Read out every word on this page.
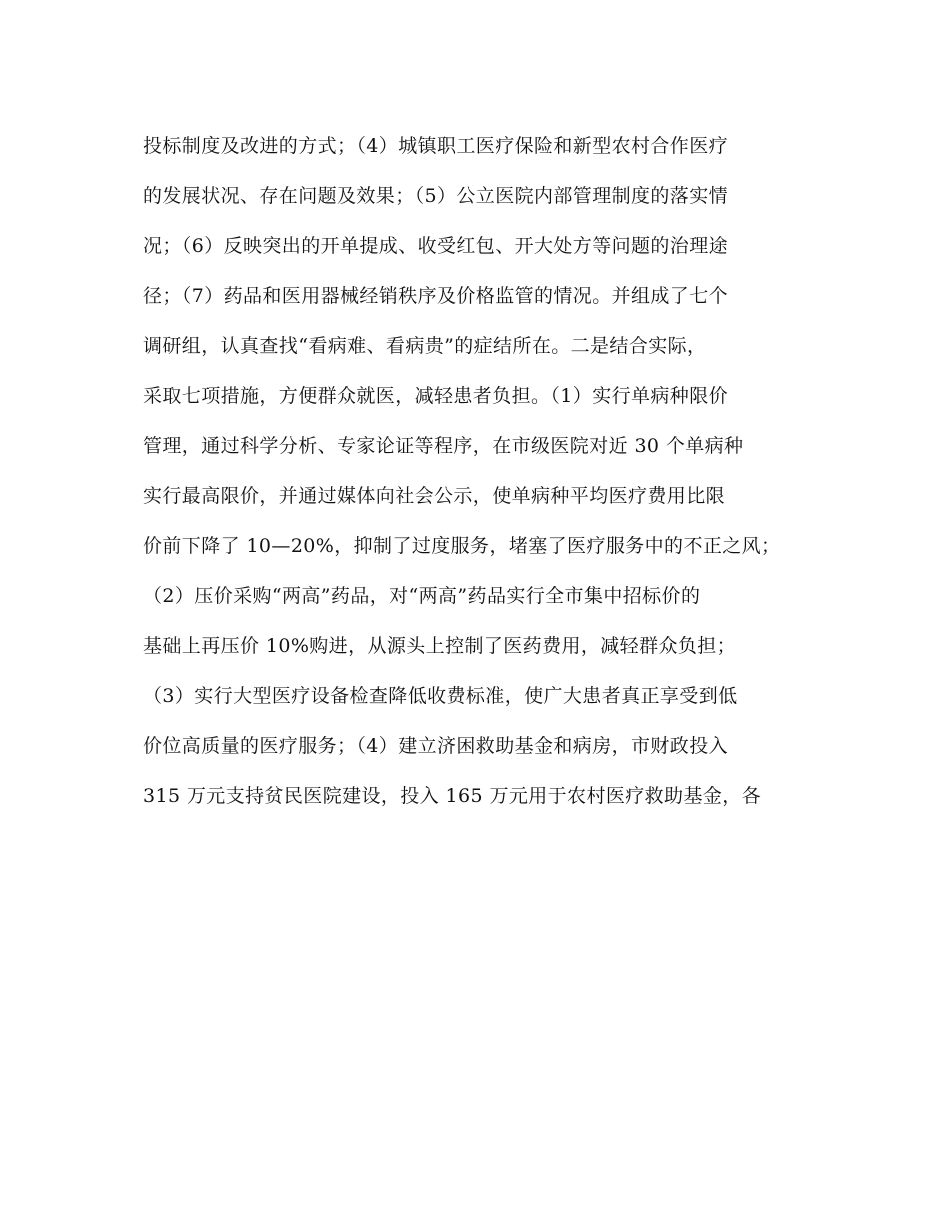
投标制度及改进的方式；（4）城镇职工医疗保险和新型农村合作医疗
的发展状况、存在问题及效果；（5）公立医院内部管理制度的落实情
况；（6）反映突出的开单提成、收受红包、开大处方等问题的治理途
径；（7）药品和医用器械经销秩序及价格监管的情况。并组成了七个
调研组，认真查找“看病难、看病贵”的症结所在。二是结合实际，
采取七项措施，方便群众就医，减轻患者负担。（1）实行单病种限价
管理，通过科学分析、专家论证等程序，在市级医院对近 30 个单病种
实行最高限价，并通过媒体向社会公示，使单病种平均医疗费用比限
价前下降了 10—20%，抑制了过度服务，堵塞了医疗服务中的不正之风；
（2）压价采购“两高”药品，对“两高”药品实行全市集中招标价的
基础上再压价 10%购进，从源头上控制了医药费用，减轻群众负担；
（3）实行大型医疗设备检查降低收费标准，使广大患者真正享受到低
价位高质量的医疗服务；（4）建立济困救助基金和病房，市财政投入
315 万元支持贫民医院建设，投入 165 万元用于农村医疗救助基金，各
